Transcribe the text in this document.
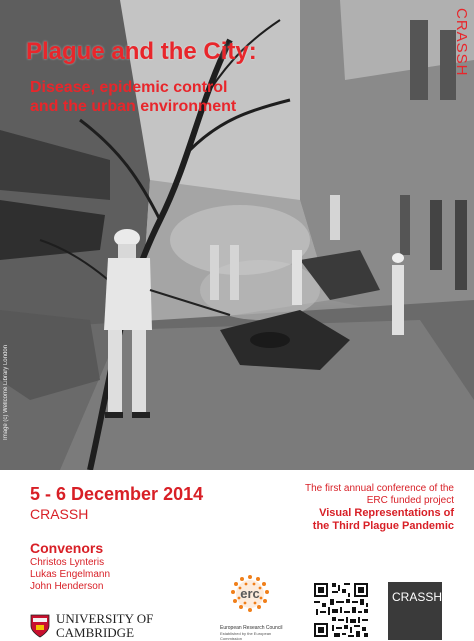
Plague and the City:
Disease, epidemic control
and the urban environment
CRASSH
Image (c) Wellcome Library London
5 - 6 December 2014
CRASSH
The first annual conference of the
ERC funded project
Visual Representations of
the Third Plague Pandemic
Convenors
Christos Lynteris
Lukas Engelmann
John Henderson
UNIVERSITY OF
CAMBRIDGE
erc
European Research Council
Established by the European Commission
CRASSH
